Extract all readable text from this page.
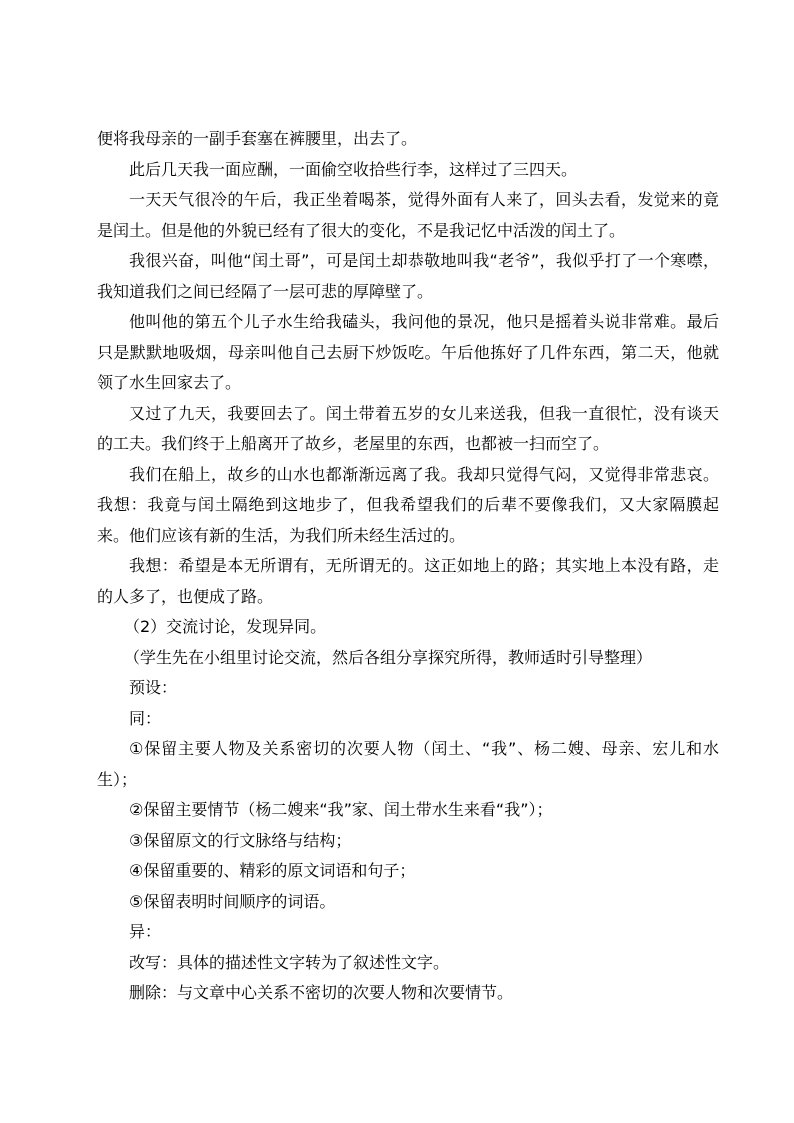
便将我母亲的一副手套塞在裤腰里，出去了。

此后几天我一面应酬，一面偷空收拾些行李，这样过了三四天。

一天天气很冷的午后，我正坐着喝茶，觉得外面有人来了，回头去看，发觉来的竟是闰土。但是他的外貌已经有了很大的变化，不是我记忆中活泼的闰土了。

我很兴奋，叫他“闰土哥”，可是闰土却恭敬地叫我“老爷”，我似乎打了一个寒噤，我知道我们之间已经隔了一层可悲的厚障壁了。

他叫他的第五个儿子水生给我磕头，我问他的景况，他只是摇着头说非常难。最后只是默默地吸烟，母亲叫他自己去厨下炒饭吃。午后他拣好了几件东西，第二天，他就领了水生回家去了。

又过了九天，我要回去了。闰土带着五岁的女儿来送我，但我一直很忙，没有谈天的工夫。我们终于上船离开了故乡，老屋里的东西，也都被一扫而空了。

我们在船上，故乡的山水也都渐渐远离了我。我却只觉得气闷，又觉得非常悲哀。我想：我竟与闰土隔绝到这地步了，但我希望我们的后辈不要像我们，又大家隔膜起来。他们应该有新的生活，为我们所未经生活过的。

我想：希望是本无所谓有，无所谓无的。这正如地上的路；其实地上本没有路，走的人多了，也便成了路。

（2）交流讨论，发现异同。

（学生先在小组里讨论交流，然后各组分享探究所得，教师适时引导整理）

预设：

同：

①保留主要人物及关系密切的次要人物（闰土、“我”、杨二嫂、母亲、宏儿和水生）；

②保留主要情节（杨二嫂来“我”家、闰土带水生来看“我”）；

③保留原文的行文脉络与结构；

④保留重要的、精彩的原文词语和句子；

⑤保留表明时间顺序的词语。

异：

改写：具体的描述性文字转为了叙述性文字。

删除：与文章中心关系不密切的次要人物和次要情节。
